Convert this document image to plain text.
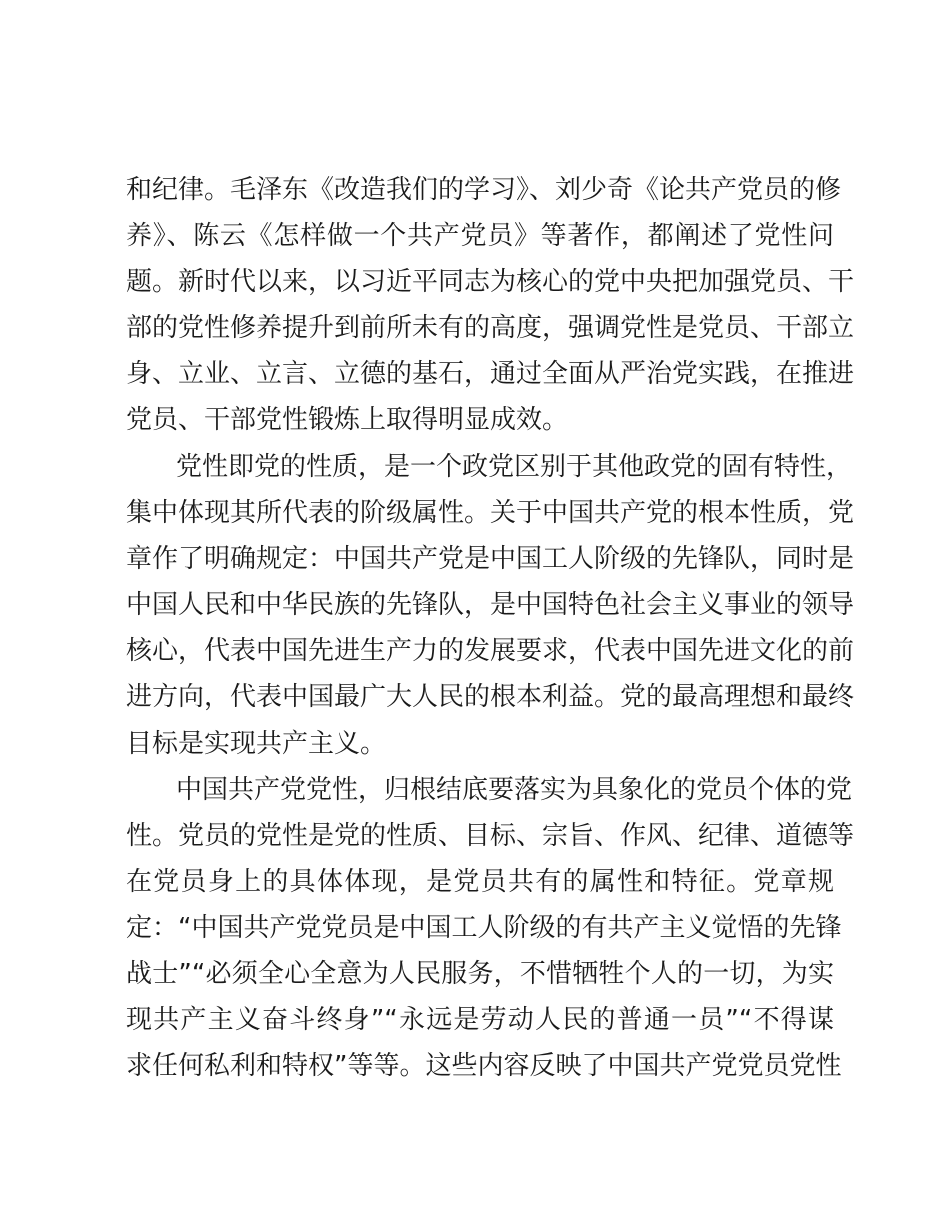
和纪律。毛泽东《改造我们的学习》、刘少奇《论共产党员的修
养》、陈云《怎样做一个共产党员》等著作，都阐述了党性问
题。新时代以来，以习近平同志为核心的党中央把加强党员、干
部的党性修养提升到前所未有的高度，强调党性是党员、干部立
身、立业、立言、立德的基石，通过全面从严治党实践，在推进
党员、干部党性锻炼上取得明显成效。
党性即党的性质，是一个政党区别于其他政党的固有特性，
集中体现其所代表的阶级属性。关于中国共产党的根本性质，党
章作了明确规定：中国共产党是中国工人阶级的先锋队，同时是
中国人民和中华民族的先锋队，是中国特色社会主义事业的领导
核心，代表中国先进生产力的发展要求，代表中国先进文化的前
进方向，代表中国最广大人民的根本利益。党的最高理想和最终
目标是实现共产主义。
中国共产党党性，归根结底要落实为具象化的党员个体的党
性。党员的党性是党的性质、目标、宗旨、作风、纪律、道德等
在党员身上的具体体现，是党员共有的属性和特征。党章规
定：“中国共产党党员是中国工人阶级的有共产主义觉悟的先锋
战士”“必须全心全意为人民服务，不惜牺牲个人的一切，为实
现共产主义奋斗终身”“永远是劳动人民的普通一员”“不得谋
求任何私利和特权”等等。这些内容反映了中国共产党党员党性
